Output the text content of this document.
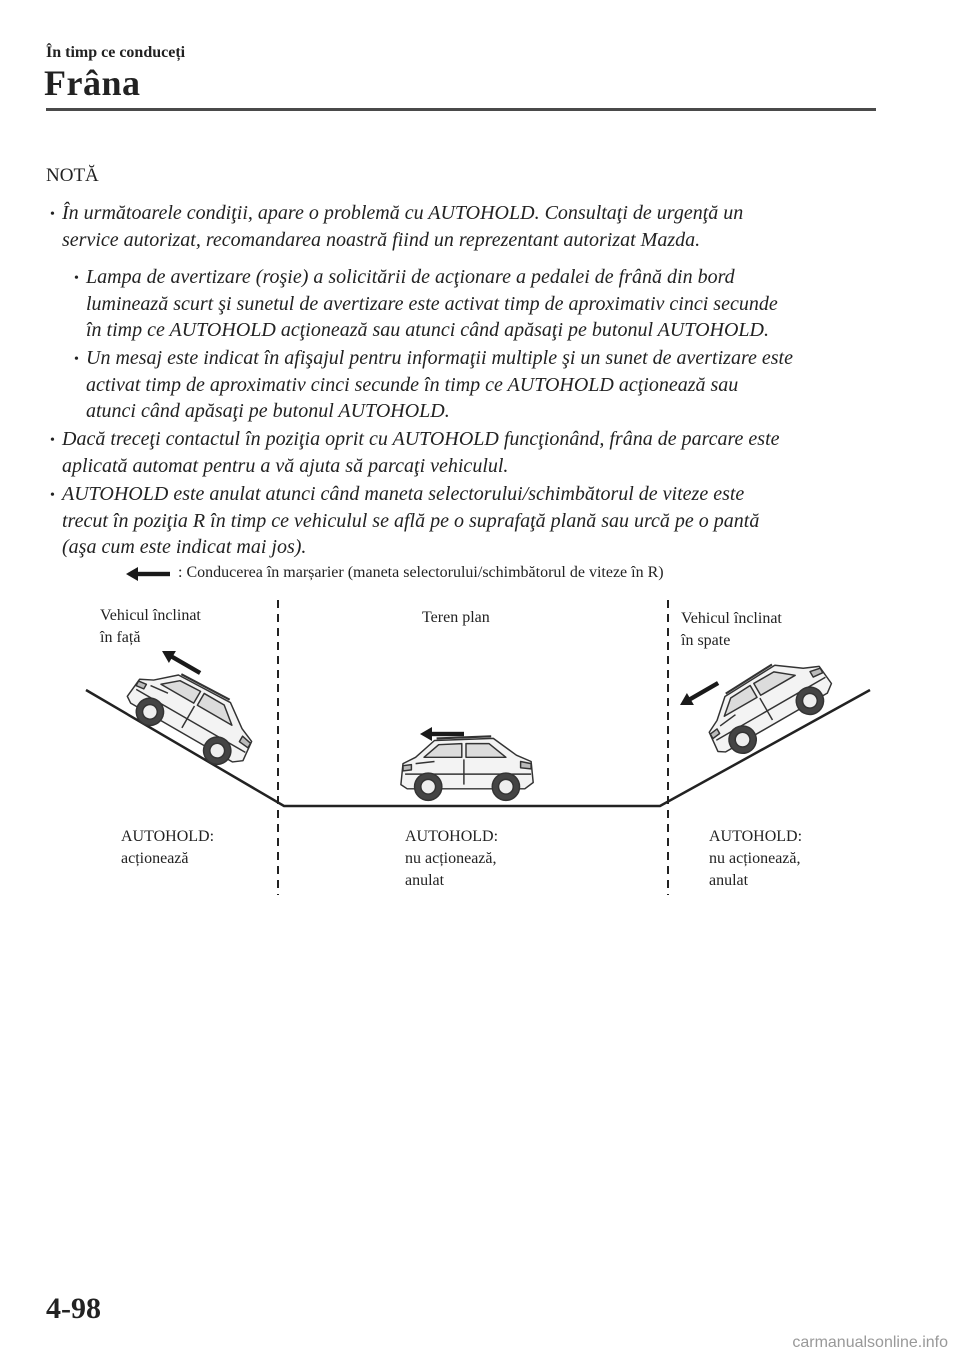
În timp ce conduceți
Frâna
NOTĂ
• În următoarele condiţii, apare o problemă cu AUTOHOLD. Consultaţi de urgenţă un
service autorizat, recomandarea noastră fiind un reprezentant autorizat Mazda.
• Lampa de avertizare (roşie) a solicitării de acţionare a pedalei de frână din bord
luminează scurt şi sunetul de avertizare este activat timp de aproximativ cinci secunde
în timp ce AUTOHOLD acţionează sau atunci când apăsaţi pe butonul AUTOHOLD.
• Un mesaj este indicat în afişajul pentru informaţii multiple şi un sunet de avertizare este
activat timp de aproximativ cinci secunde în timp ce AUTOHOLD acţionează sau
atunci când apăsaţi pe butonul AUTOHOLD.
• Dacă treceţi contactul în poziţia oprit cu AUTOHOLD funcţionând, frâna de parcare este
aplicată automat pentru a vă ajuta să parcaţi vehiculul.
• AUTOHOLD este anulat atunci când maneta selectorului/schimbătorul de viteze este
trecut în poziţia R în timp ce vehiculul se află pe o suprafaţă plană sau urcă pe o pantă
(aşa cum este indicat mai jos).
: Conducerea în marșarier (maneta selectorului/schimbătorul de viteze în R)
Vehicul înclinat
în față
Teren plan	Vehicul înclinat
în spate
AUTOHOLD:
acționează
AUTOHOLD:
nu acționează,
anulat
AUTOHOLD:
nu acționează,
anulat
4-98
carmanualsonline.info
